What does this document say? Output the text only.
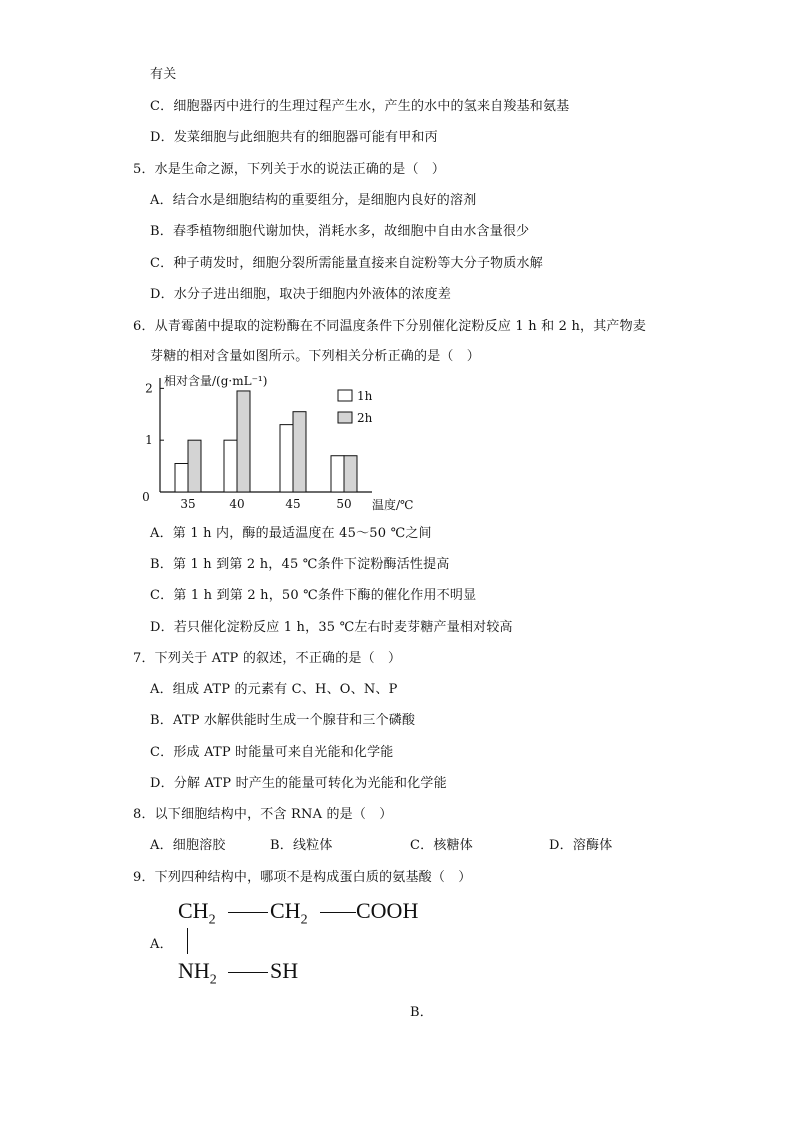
有关
C．细胞器丙中进行的生理过程产生水，产生的水中的氢来自羧基和氨基
D．发菜细胞与此细胞共有的细胞器可能有甲和丙
5．水是生命之源，下列关于水的说法正确的是（　）
A．结合水是细胞结构的重要组分，是细胞内良好的溶剂
B．春季植物细胞代谢加快，消耗水多，故细胞中自由水含量很少
C．种子萌发时，细胞分裂所需能量直接来自淀粉等大分子物质水解
D．水分子进出细胞，取决于细胞内外液体的浓度差
6．从青霉菌中提取的淀粉酶在不同温度条件下分别催化淀粉反应 1 h 和 2 h，其产物麦
芽糖的相对含量如图所示。下列相关分析正确的是（　）
0
1
2
相对含量/(g·mL⁻¹)
温度/℃
35	40	45	50
1h
2h
A．第 1 h 内，酶的最适温度在 45～50 ℃之间
B．第 1 h 到第 2 h，45 ℃条件下淀粉酶活性提高
C．第 1 h 到第 2 h，50 ℃条件下酶的催化作用不明显
D．若只催化淀粉反应 1 h，35 ℃左右时麦芽糖产量相对较高
7．下列关于 ATP 的叙述，不正确的是（　）
A．组成 ATP 的元素有 C、H、O、N、P
B．ATP 水解供能时生成一个腺苷和三个磷酸
C．形成 ATP 时能量可来自光能和化学能
D．分解 ATP 时产生的能量可转化为光能和化学能
8．以下细胞结构中，不含 RNA 的是（　）
A．细胞溶胶	B．线粒体	C．核糖体	D．溶酶体
9．下列四种结构中，哪项不是构成蛋白质的氨基酸（　）
A．
$CH_2$ $CH_2$ COOH
$NH_2$ SH
B．
